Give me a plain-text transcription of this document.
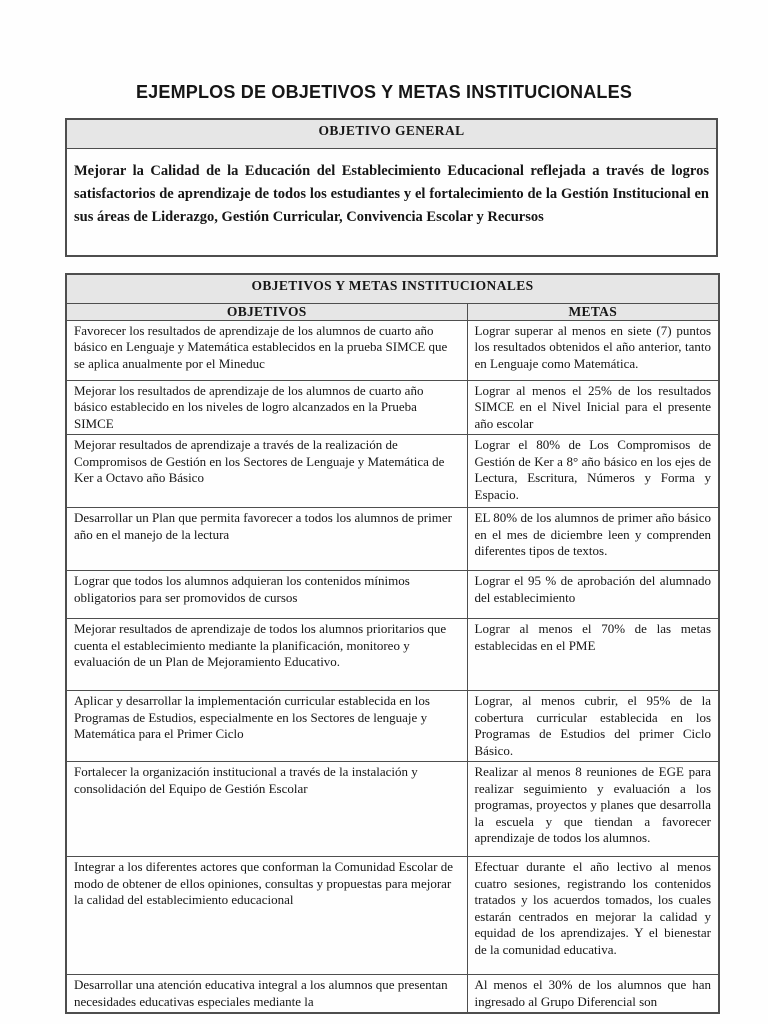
EJEMPLOS DE OBJETIVOS Y METAS INSTITUCIONALES
OBJETIVO GENERAL
Mejorar la Calidad de la Educación del Establecimiento Educacional reflejada a través de logros satisfactorios de aprendizaje de todos los estudiantes y el fortalecimiento de la Gestión Institucional en sus áreas de Liderazgo, Gestión Curricular, Convivencia Escolar y Recursos
OBJETIVOS Y METAS INSTITUCIONALES	
OBJETIVOS	METAS
Favorecer los resultados de aprendizaje de los alumnos de cuarto año básico en Lenguaje y Matemática establecidos en la prueba SIMCE que se aplica anualmente por el Mineduc	Lograr superar al menos en siete (7) puntos los resultados obtenidos el año anterior, tanto en Lenguaje como Matemática.
Mejorar los resultados de aprendizaje de los alumnos de cuarto año básico establecido en los niveles de logro alcanzados en la Prueba SIMCE	Lograr al menos el 25% de los resultados SIMCE en el Nivel Inicial para el presente año escolar
Mejorar resultados de aprendizaje a través de la realización de Compromisos de Gestión en los Sectores de Lenguaje y Matemática de Ker a Octavo año Básico	Lograr el 80% de Los Compromisos de Gestión de Ker a 8° año básico en los ejes de Lectura, Escritura, Números y Forma y Espacio.
Desarrollar un Plan que permita favorecer a todos los alumnos de primer año en el manejo de la lectura	EL 80% de los alumnos de primer año básico en el mes de diciembre leen y comprenden diferentes tipos de textos.
Lograr que todos los alumnos adquieran los contenidos mínimos obligatorios para ser promovidos de cursos	Lograr el 95 % de aprobación del alumnado del establecimiento
Mejorar resultados de aprendizaje de todos los alumnos prioritarios que cuenta el establecimiento mediante la planificación, monitoreo y evaluación de un Plan de Mejoramiento Educativo.	Lograr al menos el 70% de las metas establecidas en el PME
Aplicar y desarrollar la implementación curricular establecida en los Programas de Estudios, especialmente en los Sectores de lenguaje y Matemática para el Primer Ciclo	Lograr, al menos cubrir, el 95% de la cobertura curricular establecida en los Programas de Estudios del primer Ciclo Básico.
Fortalecer la organización institucional a través de la instalación y consolidación del Equipo de Gestión Escolar	Realizar al menos 8 reuniones de EGE para realizar seguimiento y evaluación a los programas, proyectos y planes que desarrolla la escuela y que tiendan a favorecer aprendizaje de todos los alumnos.
Integrar a los diferentes actores que conforman la Comunidad Escolar de modo de obtener de ellos opiniones, consultas y propuestas para mejorar la calidad del establecimiento educacional	Efectuar durante el año lectivo al menos cuatro sesiones, registrando los contenidos tratados y los acuerdos tomados, los cuales estarán centrados en mejorar la calidad y equidad de los aprendizajes. Y el bienestar de la comunidad educativa.
Desarrollar una atención educativa integral a los alumnos que presentan necesidades educativas especiales mediante la	Al menos el 30% de los alumnos que han ingresado al Grupo Diferencial son
